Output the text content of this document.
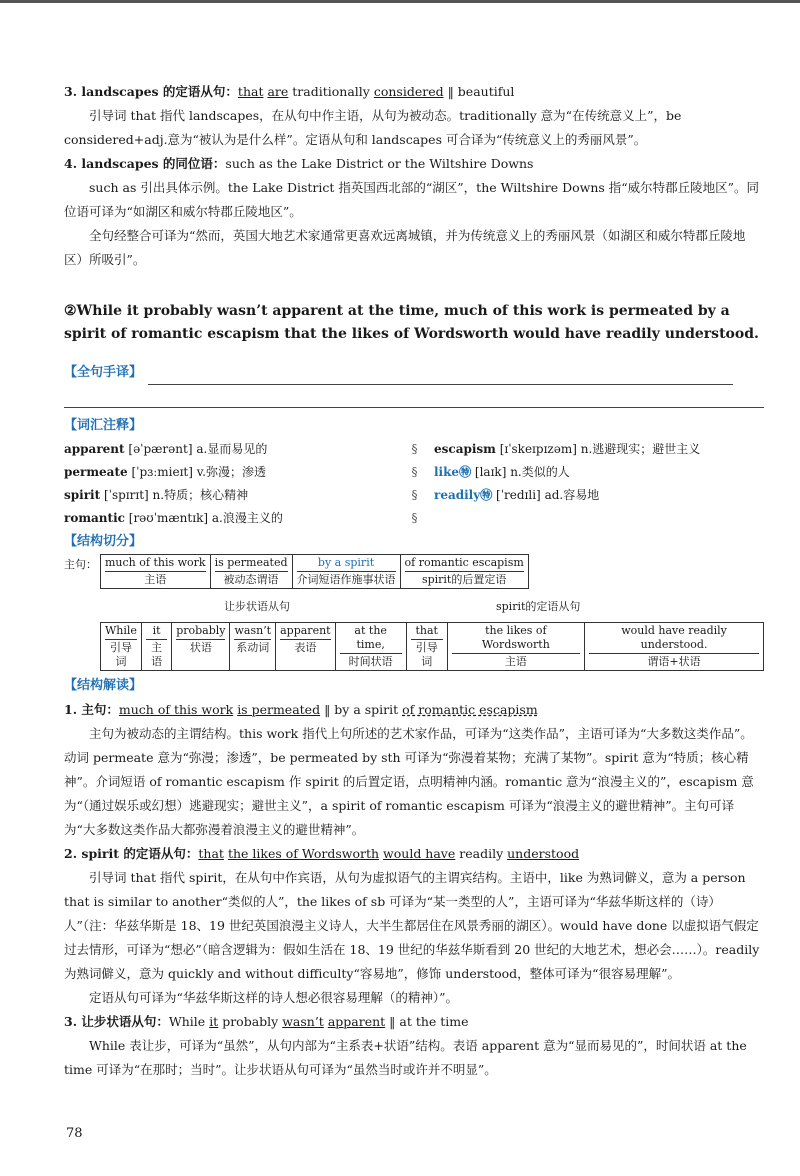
3. landscapes 的定语从句：that are traditionally considered ‖ beautiful

引导词 that 指代 landscapes，在从句中作主语，从句为被动态。traditionally 意为“在传统意义上”，be considered+adj.意为“被认为是什么样”。定语从句和 landscapes 可合译为“传统意义上的秀丽风景”。

4. landscapes 的同位语：such as the Lake District or the Wiltshire Downs

such as 引出具体示例。the Lake District 指英国西北部的“湖区”，the Wiltshire Downs 指“威尔特郡丘陵地区”。同位语可译为“如湖区和威尔特郡丘陵地区”。

全句经整合可译为“然而，英国大地艺术家通常更喜欢远离城镇，并为传统意义上的秀丽风景（如湖区和威尔特郡丘陵地区）所吸引”。

②While it probably wasn’t apparent at the time, much of this work is permeated by a spirit of romantic escapism that the likes of Wordsworth would have readily understood.

【全句手译】
【词汇注释】
apparent [əˈpærənt] a.显而易见的
permeate [ˈpɜːmieɪt] v.弥漫；渗透
spirit [ˈspɪrɪt] n.特质；核心精神
romantic [rəʊˈmæntɪk] a.浪漫主义的
§
§
§
§
escapism [ɪˈskeɪpɪzəm] n.逃避现实；避世主义
like㊕ [laɪk] n.类似的人
readily㊕ [ˈredɪli] ad.容易地
【结构切分】
主句： much of this work
主语
is permeated
被动态谓语
by a spirit
介词短语作施事状语
of romantic escapism
spirit的后置定语
让步状语从句	spirit的定语从句
While
引导词
it
主语
probably
状语
wasn’t
系动词
apparent
表语
at the time,
时间状语
that
引导词
the likes of Wordsworth
主语
would have readily understood.
谓语+状语
【结构解读】

1. 主句：much of this work is permeated ‖ by a spirit of romantic escapism

主句为被动态的主谓结构。this work 指代上句所述的艺术家作品，可译为“这类作品”，主语可译为“大多数这类作品”。动词 permeate 意为“弥漫；渗透”，be permeated by sth 可译为“弥漫着某物；充满了某物”。spirit 意为“特质；核心精神”。介词短语 of romantic escapism 作 spirit 的后置定语，点明精神内涵。romantic 意为“浪漫主义的”，escapism 意为“（通过娱乐或幻想）逃避现实；避世主义”，a spirit of romantic escapism 可译为“浪漫主义的避世精神”。主句可译为“大多数这类作品大都弥漫着浪漫主义的避世精神”。

2. spirit 的定语从句：that the likes of Wordsworth would have readily understood

引导词 that 指代 spirit，在从句中作宾语，从句为虚拟语气的主谓宾结构。主语中，like 为熟词僻义，意为 a person that is similar to another“类似的人”，the likes of sb 可译为“某一类型的人”，主语可译为“华兹华斯这样的（诗）人”（注：华兹华斯是 18、19 世纪英国浪漫主义诗人，大半生都居住在风景秀丽的湖区）。would have done 以虚拟语气假定过去情形，可译为“想必”（暗含逻辑为：假如生活在 18、19 世纪的华兹华斯看到 20 世纪的大地艺术，想必会……）。readily 为熟词僻义，意为 quickly and without difficulty“容易地”，修饰 understood，整体可译为“很容易理解”。

定语从句可译为“华兹华斯这样的诗人想必很容易理解（的精神）”。

3. 让步状语从句：While it probably wasn’t apparent ‖ at the time

While 表让步，可译为“虽然”，从句内部为“主系表+状语”结构。表语 apparent 意为“显而易见的”，时间状语 at the time 可译为“在那时；当时”。让步状语从句可译为“虽然当时或许并不明显”。

78
